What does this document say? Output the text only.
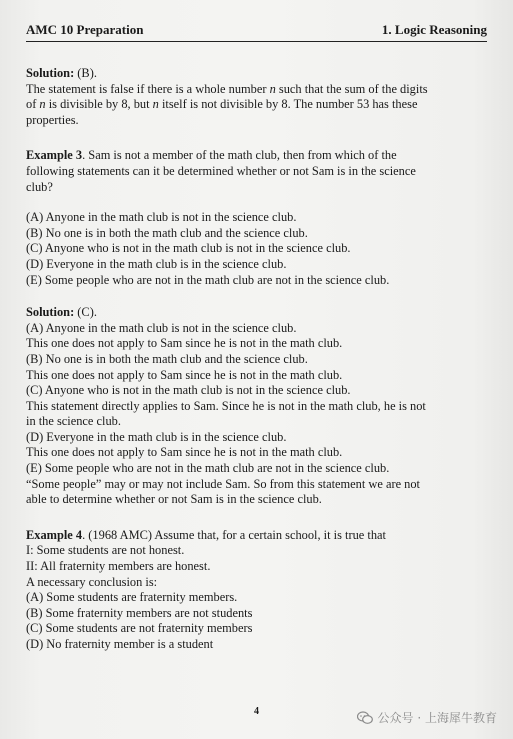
AMC 10 Preparation	1. Logic Reasoning

Solution: (B).

The statement is false if there is a whole number n such that the sum of the digits

of n is divisible by 8, but n itself is not divisible by 8. The number 53 has these

properties.

Example 3. Sam is not a member of the math club, then from which of the

following statements can it be determined whether or not Sam is in the science

club?

(A) Anyone in the math club is not in the science club.

(B) No one is in both the math club and the science club.

(C) Anyone who is not in the math club is not in the science club.

(D) Everyone in the math club is in the science club.

(E) Some people who are not in the math club are not in the science club.

Solution: (C).

(A) Anyone in the math club is not in the science club.

This one does not apply to Sam since he is not in the math club.

(B) No one is in both the math club and the science club.

This one does not apply to Sam since he is not in the math club.

(C) Anyone who is not in the math club is not in the science club.

This statement directly applies to Sam. Since he is not in the math club, he is not

in the science club.

(D) Everyone in the math club is in the science club.

This one does not apply to Sam since he is not in the math club.

(E) Some people who are not in the math club are not in the science club.

“Some people” may or may not include Sam. So from this statement we are not

able to determine whether or not Sam is in the science club.

Example 4. (1968 AMC) Assume that, for a certain school, it is true that

I: Some students are not honest.

II: All fraternity members are honest.

A necessary conclusion is:

(A) Some students are fraternity members.

(B) Some fraternity members are not students

(C) Some students are not fraternity members

(D) No fraternity member is a student

4	公众号 · 上海犀牛教育
